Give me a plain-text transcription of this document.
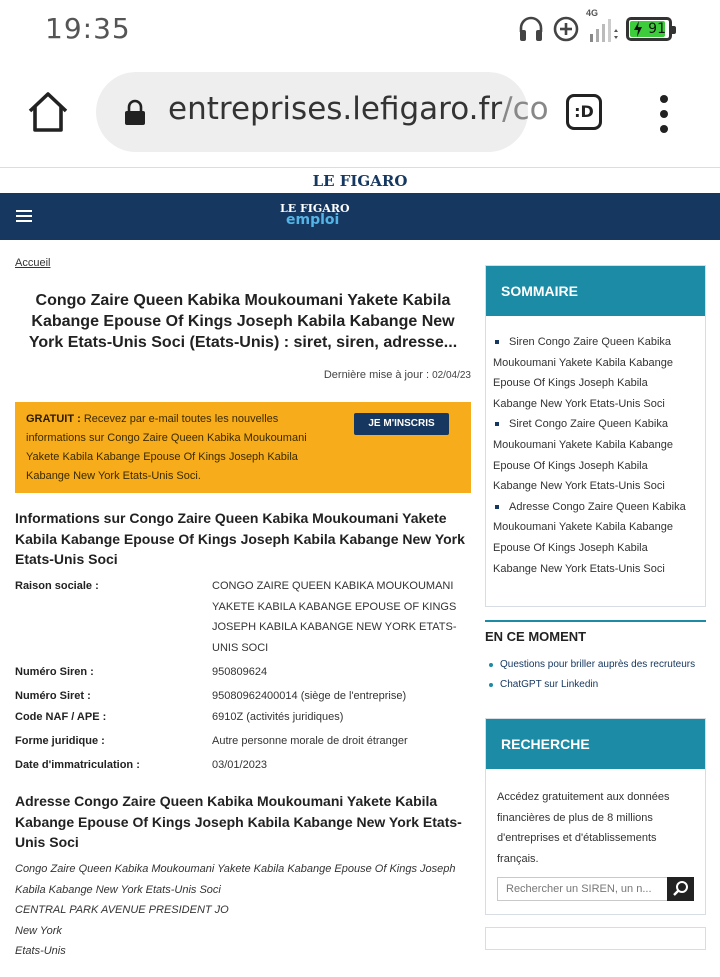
19:35	4G
91
entreprises.lefigaro.fr/co	:D
LE FIGARO
LE FIGARO
emploi
Accueil
Congo Zaire Queen Kabika Moukoumani Yakete Kabila Kabange Epouse Of Kings Joseph Kabila Kabange New York Etats-Unis Soci (Etats-Unis) : siret, siren, adresse...
Dernière mise à jour : 02/04/23
GRATUIT : Recevez par e-mail toutes les nouvelles informations sur Congo Zaire Queen Kabika Moukoumani Yakete Kabila Kabange Epouse Of Kings Joseph Kabila Kabange New York Etats-Unis Soci.
JE M'INSCRIS
Informations sur Congo Zaire Queen Kabika Moukoumani Yakete Kabila Kabange Epouse Of Kings Joseph Kabila Kabange New York Etats-Unis Soci
Raison sociale :	CONGO ZAIRE QUEEN KABIKA MOUKOUMANI YAKETE KABILA KABANGE EPOUSE OF KINGS JOSEPH KABILA KABANGE NEW YORK ETATS-UNIS SOCI
Numéro Siren :	950809624
Numéro Siret :	95080962400014 (siège de l'entreprise)
Code NAF / APE :	6910Z (activités juridiques)
Forme juridique :	Autre personne morale de droit étranger
Date d'immatriculation :	03/01/2023
Adresse Congo Zaire Queen Kabika Moukoumani Yakete Kabila Kabange Epouse Of Kings Joseph Kabila Kabange New York Etats-Unis Soci
Congo Zaire Queen Kabika Moukoumani Yakete Kabila Kabange Epouse Of Kings Joseph Kabila Kabange New York Etats-Unis Soci
CENTRAL PARK AVENUE PRESIDENT JO
New York
Etats-Unis
SOMMAIRE
Siren Congo Zaire Queen Kabika Moukoumani Yakete Kabila Kabange Epouse Of Kings Joseph Kabila Kabange New York Etats-Unis Soci
Siret Congo Zaire Queen Kabika Moukoumani Yakete Kabila Kabange Epouse Of Kings Joseph Kabila Kabange New York Etats-Unis Soci
Adresse Congo Zaire Queen Kabika Moukoumani Yakete Kabila Kabange Epouse Of Kings Joseph Kabila Kabange New York Etats-Unis Soci
EN CE MOMENT
Questions pour briller auprès des recruteurs
ChatGPT sur Linkedin
RECHERCHE
Accédez gratuitement aux données financières de plus de 8 millions d'entreprises et d'établissements français.
Rechercher un SIREN, un n...
